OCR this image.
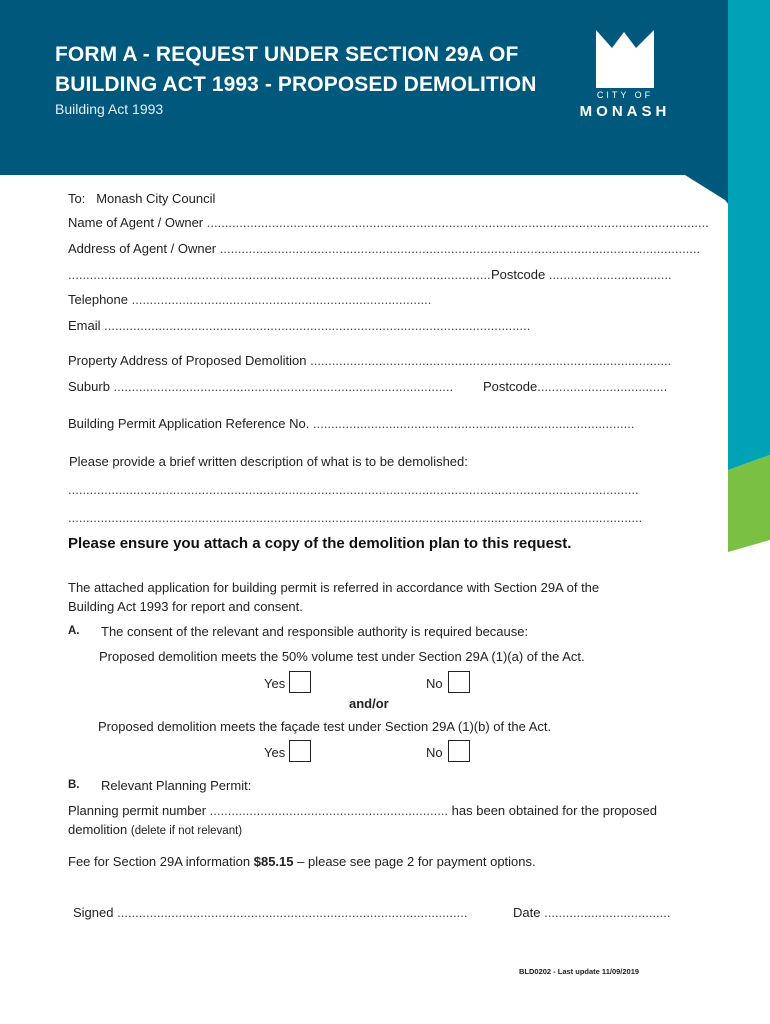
FORM A - REQUEST UNDER SECTION 29A OF
BUILDING ACT 1993 - PROPOSED DEMOLITION
Building Act 1993
CITY OF
MONASH
To: Monash City Council
Name of Agent / Owner ...........................................................................................................................................
Address of Agent / Owner .....................................................................................................................................
..................................................................................................................... Postcode ..................................
Telephone ...................................................................................
Email ......................................................................................................................
Property Address of Proposed Demolition ....................................................................................................
Suburb .............................................................................................. Postcode....................................
Building Permit Application Reference No. .........................................................................................
Please provide a brief written description of what is to be demolished:
..............................................................................................................................................................
...............................................................................................................................................................
Please ensure you attach a copy of the demolition plan to this request.
The attached application for building permit is referred in accordance with Section 29A of the
Building Act 1993 for report and consent.
A. The consent of the relevant and responsible authority is required because:
Proposed demolition meets the 50% volume test under Section 29A (1)(a) of the Act.
Yes	No
and/or
Proposed demolition meets the façade test under Section 29A (1)(b) of the Act.
Yes	No
B. Relevant Planning Permit:
Planning permit number .................................................................. has been obtained for the proposed
demolition (delete if not relevant)
Fee for Section 29A information $85.15 – please see page 2 for payment options.
Signed .................................................................................................	Date ...................................
BLD0202 - Last update 11/09/2019
